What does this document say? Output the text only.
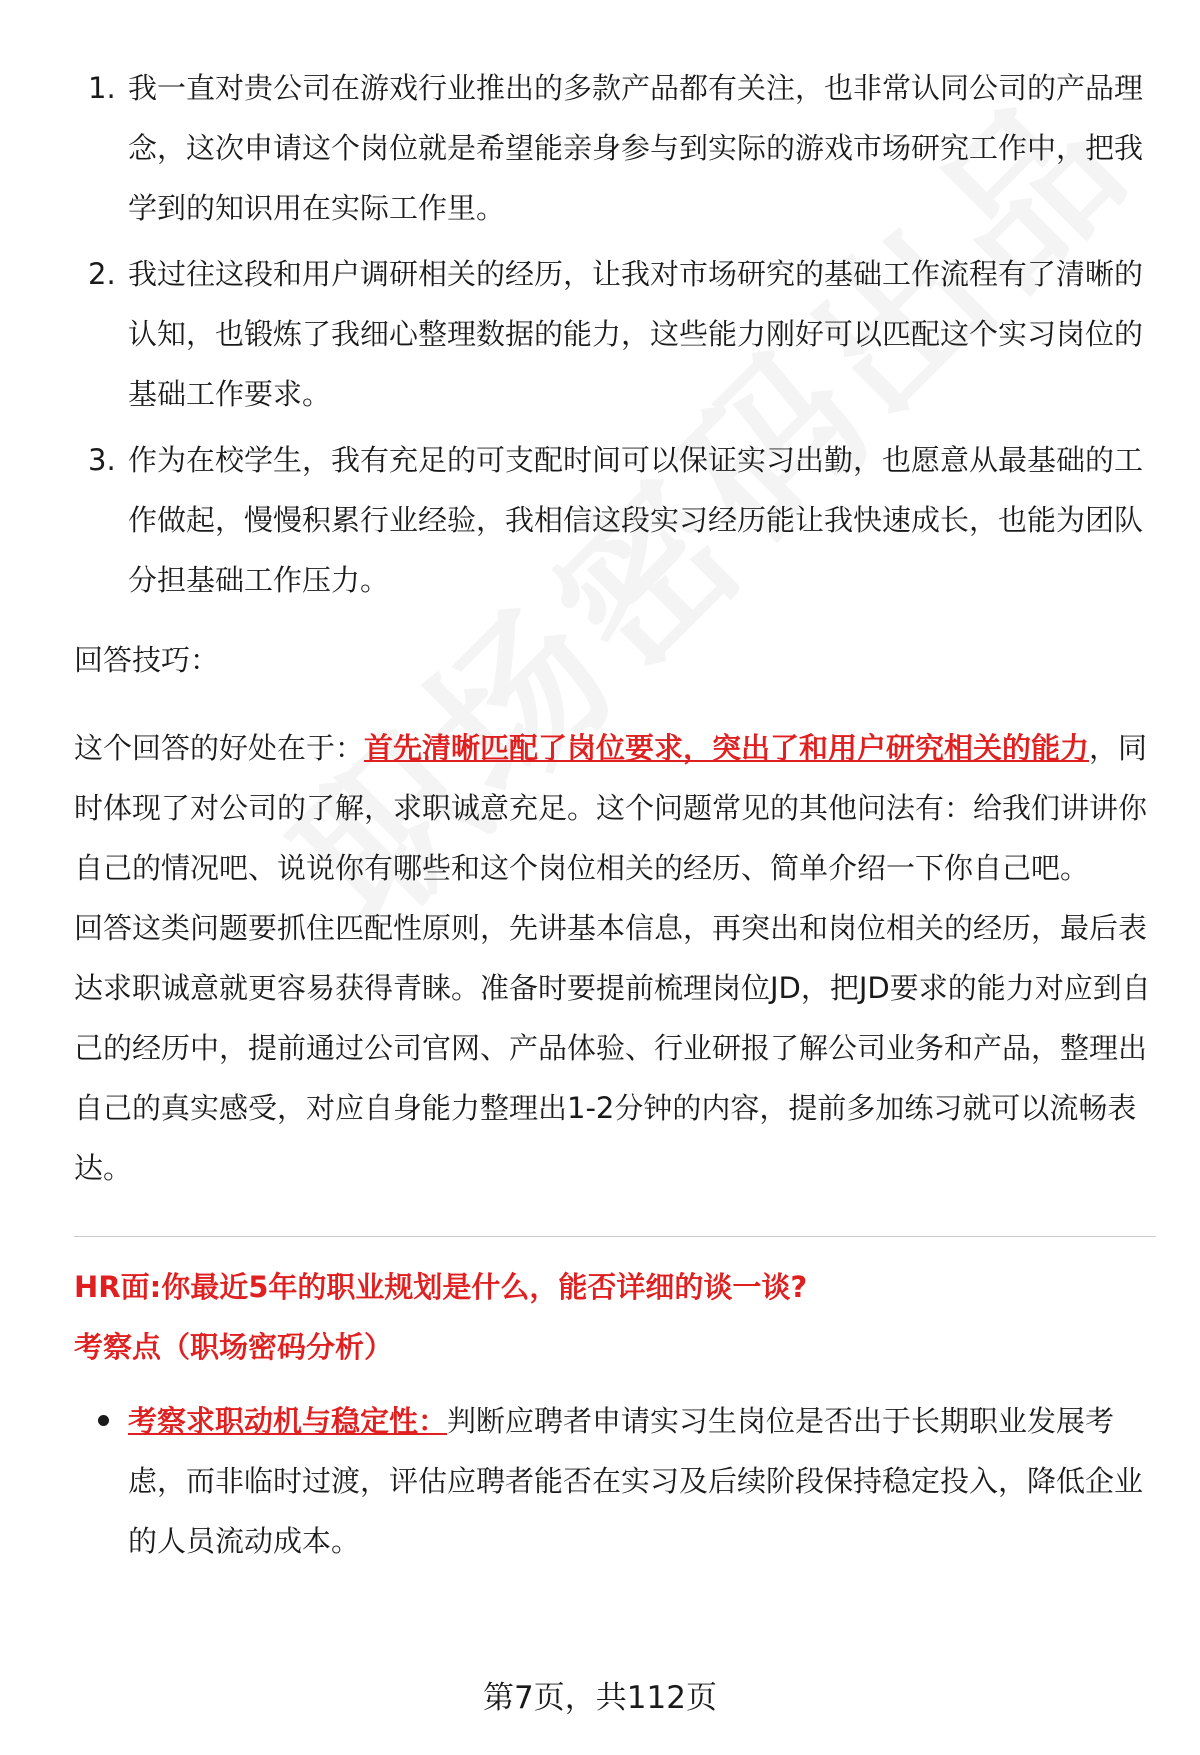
1. 我一直对贵公司在游戏行业推出的多款产品都有关注，也非常认同公司的产品理念，这次申请这个岗位就是希望能亲身参与到实际的游戏市场研究工作中，把我学到的知识用在实际工作里。
2. 我过往这段和用户调研相关的经历，让我对市场研究的基础工作流程有了清晰的认知，也锻炼了我细心整理数据的能力，这些能力刚好可以匹配这个实习岗位的基础工作要求。
3. 作为在校学生，我有充足的可支配时间可以保证实习出勤，也愿意从最基础的工作做起，慢慢积累行业经验，我相信这段实习经历能让我快速成长，也能为团队分担基础工作压力。

回答技巧：

这个回答的好处在于：首先清晰匹配了岗位要求，突出了和用户研究相关的能力，同时体现了对公司的了解，求职诚意充足。这个问题常见的其他问法有：给我们讲讲你自己的情况吧、说说你有哪些和这个岗位相关的经历、简单介绍一下你自己吧。

回答这类问题要抓住匹配性原则，先讲基本信息，再突出和岗位相关的经历，最后表达求职诚意就更容易获得青睐。准备时要提前梳理岗位JD，把JD要求的能力对应到自己的经历中，提前通过公司官网、产品体验、行业研报了解公司业务和产品，整理出自己的真实感受，对应自身能力整理出1-2分钟的内容，提前多加练习就可以流畅表达。

HR面:你最近5年的职业规划是什么，能否详细的谈一谈?

考察点（职场密码分析）

考察求职动机与稳定性：判断应聘者申请实习生岗位是否出于长期职业发展考虑，而非临时过渡，评估应聘者能否在实习及后续阶段保持稳定投入，降低企业的人员流动成本。
第7页，共112页
